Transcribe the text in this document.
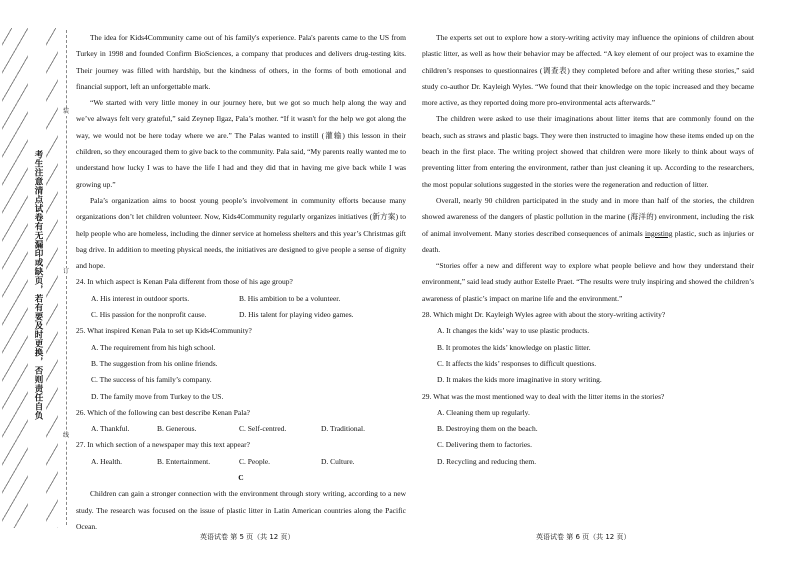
考生注意清点试卷有无漏印或缺页，若有要及时更换，否则责任自负
装
订
线

The idea for Kids4Community came out of his family's experience. Pala's parents came to the US from Turkey in 1998 and founded Confirm BioSciences, a company that produces and delivers drug-testing kits. Their journey was filled with hardship, but the kindness of others, in the forms of both emotional and financial support, left an unforgettable mark.

“We started with very little money in our journey here, but we got so much help along the way and we’ve always felt very grateful,” said Zeynep Ilgaz, Pala’s mother. “If it wasn't for the help we got along the way, we would not be here today where we are.” The Palas wanted to instill (灌输) this lesson in their children, so they encouraged them to give back to the community. Pala said, “My parents really wanted me to understand how lucky I was to have the life I had and they did that in having me give back while I was growing up.”

Pala’s organization aims to boost young people’s involvement in community efforts because many organizations don’t let children volunteer. Now, Kids4Community regularly organizes initiatives (新方案) to help people who are homeless, including the dinner service at homeless shelters and this year’s Christmas gift bag drive. In addition to meeting physical needs, the initiatives are designed to give people a sense of dignity and hope.

24. In which aspect is Kenan Pala different from those of his age group?
A. His interest in outdoor sports.	B. His ambition to be a volunteer.
C. His passion for the nonprofit cause.	D. His talent for playing video games.
25. What inspired Kenan Pala to set up Kids4Community?
A. The requirement from his high school.
B. The suggestion from his online friends.
C. The success of his family’s company.
D. The family move from Turkey to the US.
26. Which of the following can best describe Kenan Pala?
A. Thankful.	B. Generous.	C. Self-centred.	D. Traditional.
27. In which section of a newspaper may this text appear?
A. Health.	B. Entertainment.	C. People.	D. Culture.
C

Children can gain a stronger connection with the environment through story writing, according to a new study. The research was focused on the issue of plastic litter in Latin American countries along the Pacific Ocean.

The experts set out to explore how a story-writing activity may influence the opinions of children about plastic litter, as well as how their behavior may be affected. “A key element of our project was to examine the children’s responses to questionnaires (调查表) they completed before and after writing these stories,” said study co-author Dr. Kayleigh Wyles. “We found that their knowledge on the topic increased and they became more active, as they reported doing more pro-environmental acts afterwards.”

The children were asked to use their imaginations about litter items that are commonly found on the beach, such as straws and plastic bags. They were then instructed to imagine how these items ended up on the beach in the first place. The writing project showed that children were more likely to think about ways of preventing litter from entering the environment, rather than just cleaning it up. According to the researchers, the most popular solutions suggested in the stories were the regeneration and reduction of litter.

Overall, nearly 90 children participated in the study and in more than half of the stories, the children showed awareness of the dangers of plastic pollution in the marine (海洋的) environment, including the risk of animal involvement. Many stories described consequences of animals ingesting plastic, such as injuries or death.

“Stories offer a new and different way to explore what people believe and how they understand their environment,” said lead study author Estelle Praet. “The results were truly inspiring and showed the children’s awareness of plastic’s impact on marine life and the environment.”

28. Which might Dr. Kayleigh Wyles agree with about the story-writing activity?
A. It changes the kids’ way to use plastic products.
B. It promotes the kids’ knowledge on plastic litter.
C. It affects the kids’ responses to difficult questions.
D. It makes the kids more imaginative in story writing.
29. What was the most mentioned way to deal with the litter items in the stories?
A. Cleaning them up regularly.
B. Destroying them on the beach.
C. Delivering them to factories.
D. Recycling and reducing them.
英语试卷 第 5 页（共 12 页）	英语试卷 第 6 页（共 12 页）
